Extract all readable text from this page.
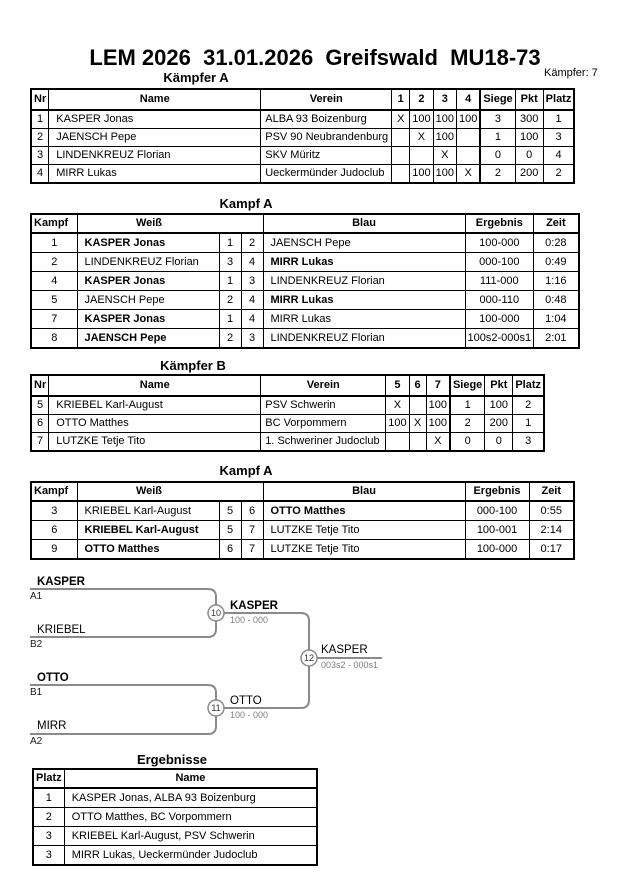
LEM 2026  31.01.2026  Greifswald  MU18-73
Kämpfer: 7
Kämpfer A
Kampf A
Kämpfer B
Kampf A
Ergebnisse
Nr	Name	Verein	1	2	3	4	Siege	Pkt	Platz
1	KASPER Jonas	ALBA 93 Boizenburg	X	100	100	100	3	300	1
2	JAENSCH Pepe	PSV 90 Neubrandenburg		X	100		1	100	3
3	LINDENKREUZ Florian	SKV Müritz			X		0	0	4
4	MIRR Lukas	Ueckermünder Judoclub		100	100	X	2	200	2
Kampf	Weiß			Blau	Ergebnis	Zeit
1	KASPER Jonas	1	2	JAENSCH Pepe	100-000	0:28
2	LINDENKREUZ Florian	3	4	MIRR Lukas	000-100	0:49
4	KASPER Jonas	1	3	LINDENKREUZ Florian	111-000	1:16
5	JAENSCH Pepe	2	4	MIRR Lukas	000-110	0:48
7	KASPER Jonas	1	4	MIRR Lukas	100-000	1:04
8	JAENSCH Pepe	2	3	LINDENKREUZ Florian	100s2-000s1	2:01
Nr	Name	Verein	5	6	7	Siege	Pkt	Platz
5	KRIEBEL Karl-August	PSV Schwerin	X		100	1	100	2
6	OTTO Matthes	BC Vorpommern	100	X	100	2	200	1
7	LUTZKE Tetje Tito	1. Schweriner Judoclub			X	0	0	3
Kampf	Weiß			Blau	Ergebnis	Zeit
3	KRIEBEL Karl-August	5	6	OTTO Matthes	000-100	0:55
6	KRIEBEL Karl-August	5	7	LUTZKE Tetje Tito	100-001	2:14
9	OTTO Matthes	6	7	LUTZKE Tetje Tito	100-000	0:17
10
11
12
KASPER
A1
KRIEBEL
B2
OTTO
B1
MIRR
A2
KASPER
100 - 000
OTTO
100 - 000
KASPER
003s2 - 000s1
Platz	Name
1	KASPER Jonas, ALBA 93 Boizenburg
2	OTTO Matthes, BC Vorpommern
3	KRIEBEL Karl-August, PSV Schwerin
3	MIRR Lukas, Ueckermünder Judoclub
